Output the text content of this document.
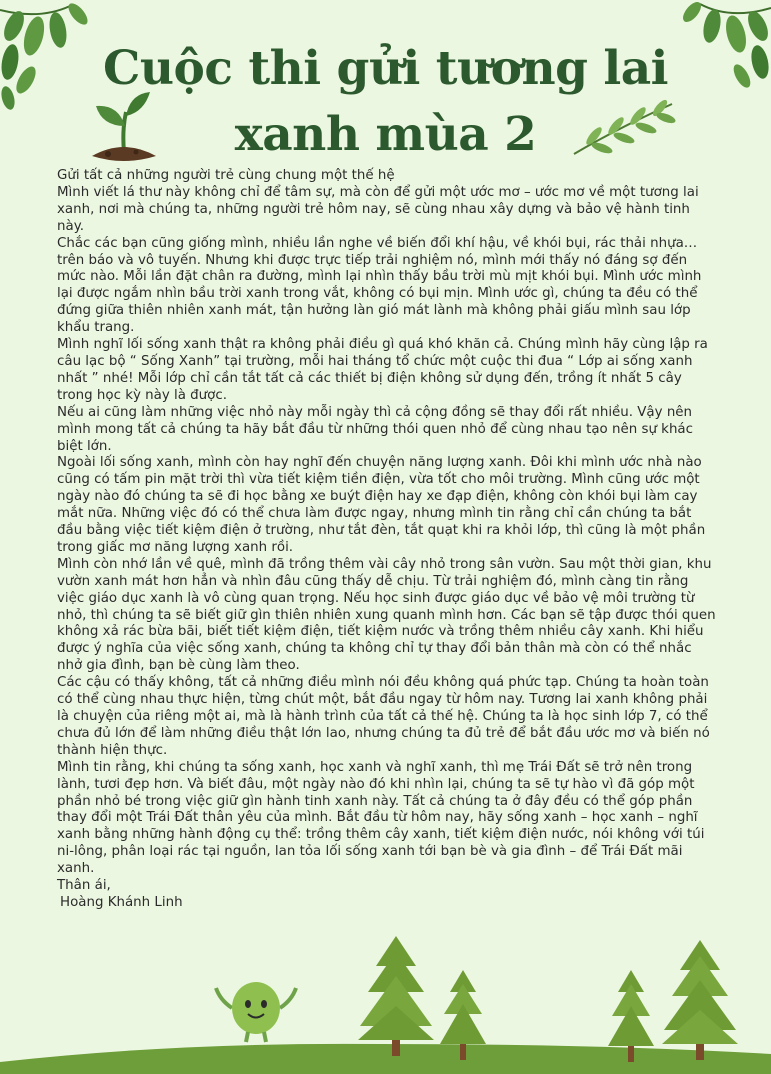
Cuộc thi gửi tương lai
xanh mùa 2

Gửi tất cả những người trẻ cùng chung một thế hệ

Mình viết lá thư này không chỉ để tâm sự, mà còn để gửi một ước mơ – ước mơ về một tương lai xanh, nơi mà chúng ta, những người trẻ hôm nay, sẽ cùng nhau xây dựng và bảo vệ hành tinh này.

Chắc các bạn cũng giống mình, nhiều lần nghe về biến đổi khí hậu, về khói bụi, rác thải nhựa… trên báo và vô tuyến. Nhưng khi được trực tiếp trải nghiệm nó, mình mới thấy nó đáng sợ đến mức nào. Mỗi lần đặt chân ra đường, mình lại nhìn thấy bầu trời mù mịt khói bụi. Mình ước mình lại được ngắm nhìn bầu trời xanh trong vắt, không có bụi mịn. Mình ước gì, chúng ta đều có thể đứng giữa thiên nhiên xanh mát, tận hưởng làn gió mát lành mà không phải giấu mình sau lớp khẩu trang.

Mình nghĩ lối sống xanh thật ra không phải điều gì quá khó khăn cả. Chúng mình hãy cùng lập ra câu lạc bộ “ Sống Xanh” tại trường, mỗi hai tháng tổ chức một cuộc thi đua “ Lớp ai sống xanh nhất ” nhé! Mỗi lớp chỉ cần tắt tất cả các thiết bị điện không sử dụng đến, trồng ít nhất 5 cây trong học kỳ này là được.

Nếu ai cũng làm những việc nhỏ này mỗi ngày thì cả cộng đồng sẽ thay đổi rất nhiều. Vậy nên mình mong tất cả chúng ta hãy bắt đầu từ những thói quen nhỏ để cùng nhau tạo nên sự khác biệt lớn.

Ngoài lối sống xanh, mình còn hay nghĩ đến chuyện năng lượng xanh. Đôi khi mình ước nhà nào cũng có tấm pin mặt trời thì vừa tiết kiệm tiền điện, vừa tốt cho môi trường. Mình cũng ước một ngày nào đó chúng ta sẽ đi học bằng xe buýt điện hay xe đạp điện, không còn khói bụi làm cay mắt nữa. Những việc đó có thể chưa làm được ngay, nhưng mình tin rằng chỉ cần chúng ta bắt đầu bằng việc tiết kiệm điện ở trường, như tắt đèn, tắt quạt khi ra khỏi lớp, thì cũng là một phần trong giấc mơ năng lượng xanh rồi.

Mình còn nhớ lần về quê, mình đã trồng thêm vài cây nhỏ trong sân vườn. Sau một thời gian, khu vườn xanh mát hơn hẳn và nhìn đâu cũng thấy dễ chịu. Từ trải nghiệm đó, mình càng tin rằng việc giáo dục xanh là vô cùng quan trọng. Nếu học sinh được giáo dục về bảo vệ môi trường từ nhỏ, thì chúng ta sẽ biết giữ gìn thiên nhiên xung quanh mình hơn. Các bạn sẽ tập được thói quen không xả rác bừa bãi, biết tiết kiệm điện, tiết kiệm nước và trồng thêm nhiều cây xanh. Khi hiểu được ý nghĩa của việc sống xanh, chúng ta không chỉ tự thay đổi bản thân mà còn có thể nhắc nhở gia đình, bạn bè cùng làm theo.

Các cậu có thấy không, tất cả những điều mình nói đều không quá phức tạp. Chúng ta hoàn toàn có thể cùng nhau thực hiện, từng chút một, bắt đầu ngay từ hôm nay. Tương lai xanh không phải là chuyện của riêng một ai, mà là hành trình của tất cả thế hệ. Chúng ta là học sinh lớp 7, có thể chưa đủ lớn để làm những điều thật lớn lao, nhưng chúng ta đủ trẻ để bắt đầu ước mơ và biến nó thành hiện thực.

Mình tin rằng, khi chúng ta sống xanh, học xanh và nghĩ xanh, thì mẹ Trái Đất sẽ trở nên trong lành, tươi đẹp hơn. Và biết đâu, một ngày nào đó khi nhìn lại, chúng ta sẽ tự hào vì đã góp một phần nhỏ bé trong việc giữ gìn hành tinh xanh này. Tất cả chúng ta ở đây đều có thể góp phần thay đổi một Trái Đất thân yêu của mình. Bắt đầu từ hôm nay, hãy sống xanh – học xanh – nghĩ xanh bằng những hành động cụ thể: trồng thêm cây xanh, tiết kiệm điện nước, nói không với túi ni-lông, phân loại rác tại nguồn, lan tỏa lối sống xanh tới bạn bè và gia đình – để Trái Đất mãi xanh.

Thân ái,

Hoàng Khánh Linh
